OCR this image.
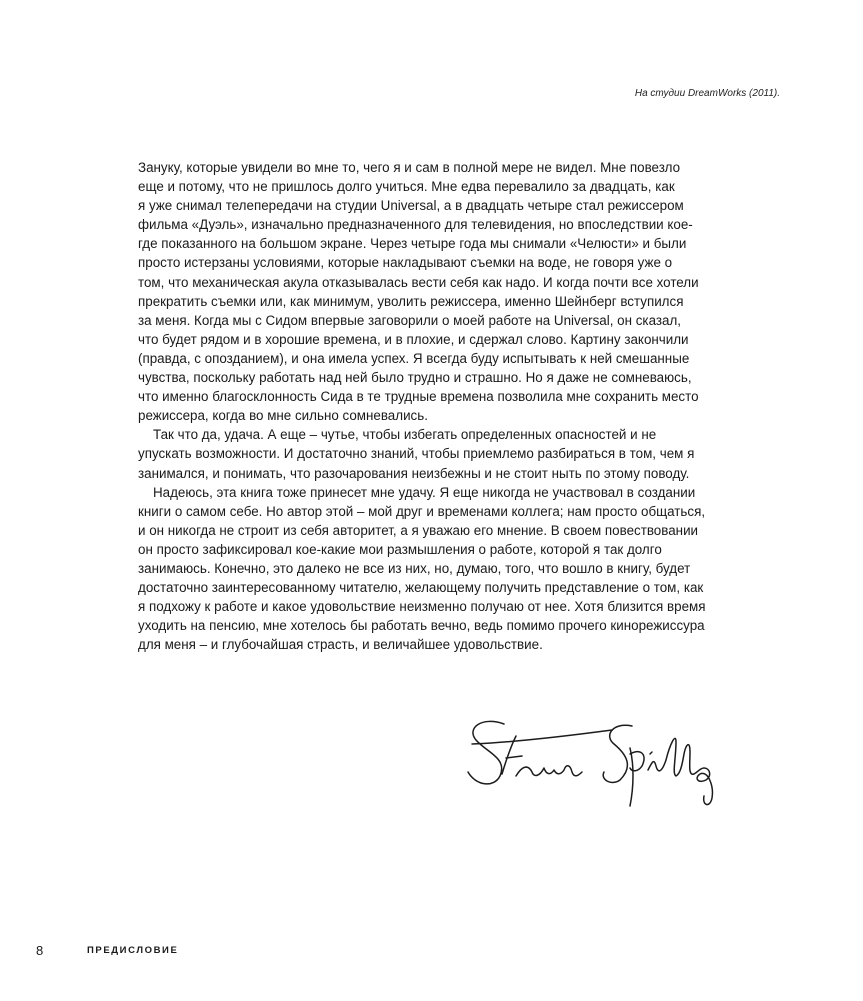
На студии DreamWorks (2011).
Зануку, которые увидели во мне то, чего я и сам в полной мере не видел. Мне повезло
еще и потому, что не пришлось долго учиться. Мне едва перевалило за двадцать, как
я уже снимал телепередачи на студии Universal, а в двадцать четыре стал режиссером
фильма «Дуэль», изначально предназначенного для телевидения, но впоследствии кое-
где показанного на большом экране. Через четыре года мы снимали «Челюсти» и были
просто истерзаны условиями, которые накладывают съемки на воде, не говоря уже о
том, что механическая акула отказывалась вести себя как надо. И когда почти все хотели
прекратить съемки или, как минимум, уволить режиссера, именно Шейнберг вступился
за меня. Когда мы с Сидом впервые заговорили о моей работе на Universal, он сказал,
что будет рядом и в хорошие времена, и в плохие, и сдержал слово. Картину закончили
(правда, с опозданием), и она имела успех. Я всегда буду испытывать к ней смешанные
чувства, поскольку работать над ней было трудно и страшно. Но я даже не сомневаюсь,
что именно благосклонность Сида в те трудные времена позволила мне сохранить место
режиссера, когда во мне сильно сомневались.
Так что да, удача. А еще – чутье, чтобы избегать определенных опасностей и не
упускать возможности. И достаточно знаний, чтобы приемлемо разбираться в том, чем я
занимался, и понимать, что разочарования неизбежны и не стоит ныть по этому поводу.
Надеюсь, эта книга тоже принесет мне удачу. Я еще никогда не участвовал в создании
книги о самом себе. Но автор этой – мой друг и временами коллега; нам просто общаться,
и он никогда не строит из себя авторитет, а я уважаю его мнение. В своем повествовании
он просто зафиксировал кое-какие мои размышления о работе, которой я так долго
занимаюсь. Конечно, это далеко не все из них, но, думаю, того, что вошло в книгу, будет
достаточно заинтересованному читателю, желающему получить представление о том, как
я подхожу к работе и какое удовольствие неизменно получаю от нее. Хотя близится время
уходить на пенсию, мне хотелось бы работать вечно, ведь помимо прочего кинорежиссура
для меня – и глубочайшая страсть, и величайшее удовольствие.
8	ПРЕДИСЛОВИЕ
